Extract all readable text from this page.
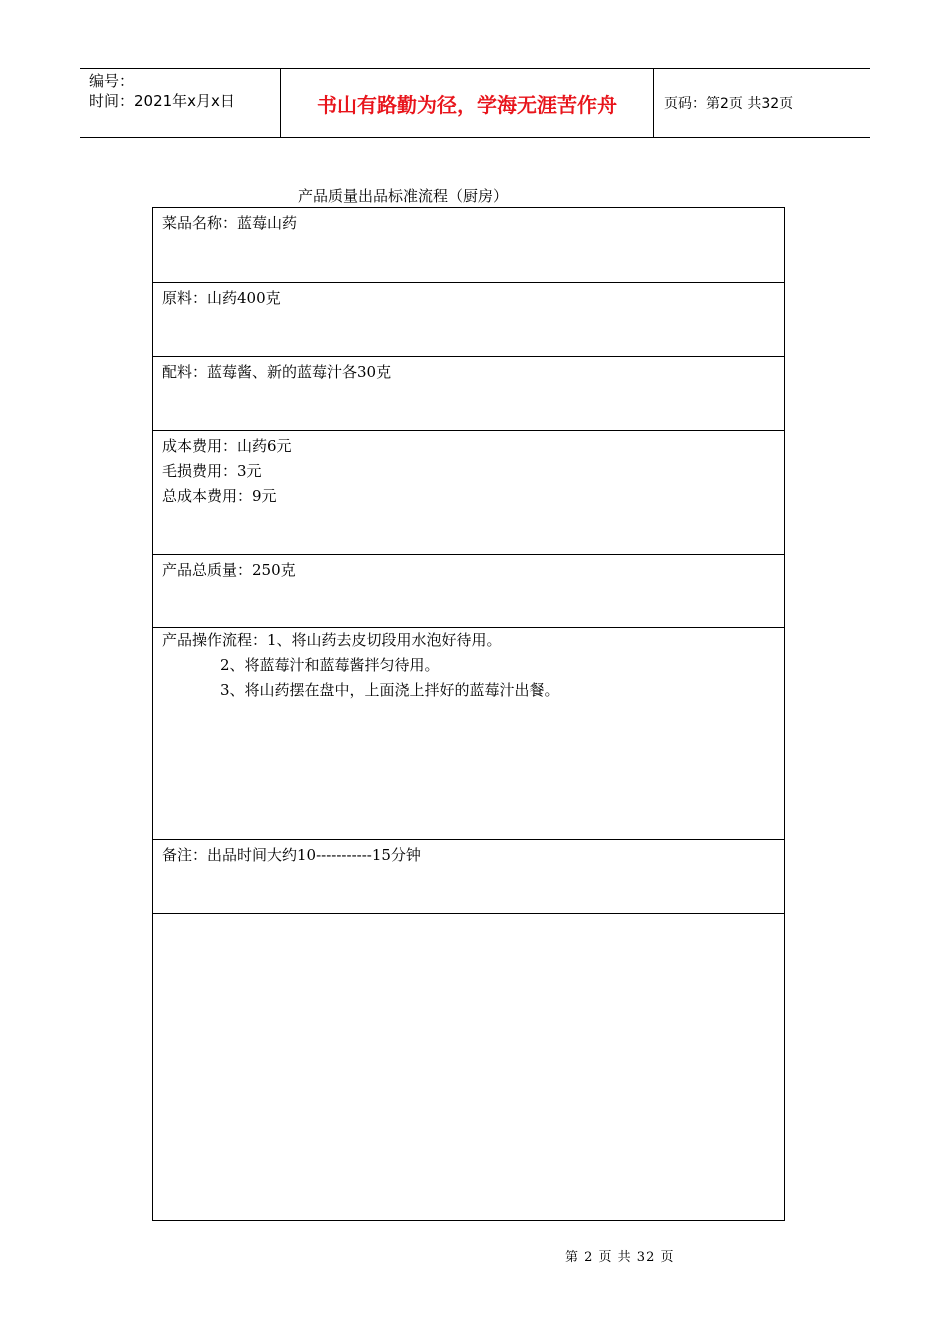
编号：
时间：2021年x月x日	书山有路勤为径，学海无涯苦作舟	页码：第2页 共32页
产品质量出品标准流程（厨房）
菜品名称：蓝莓山药
原料：山药400克
配料：蓝莓酱、新的蓝莓汁各30克
成本费用：山药6元
毛损费用：3元
总成本费用：9元
产品总质量：250克
产品操作流程：1、将山药去皮切段用水泡好待用。
2、将蓝莓汁和蓝莓酱拌匀待用。
3、将山药摆在盘中，上面浇上拌好的蓝莓汁出餐。
备注：出品时间大约10-----------15分钟
第 2 页 共 32 页
